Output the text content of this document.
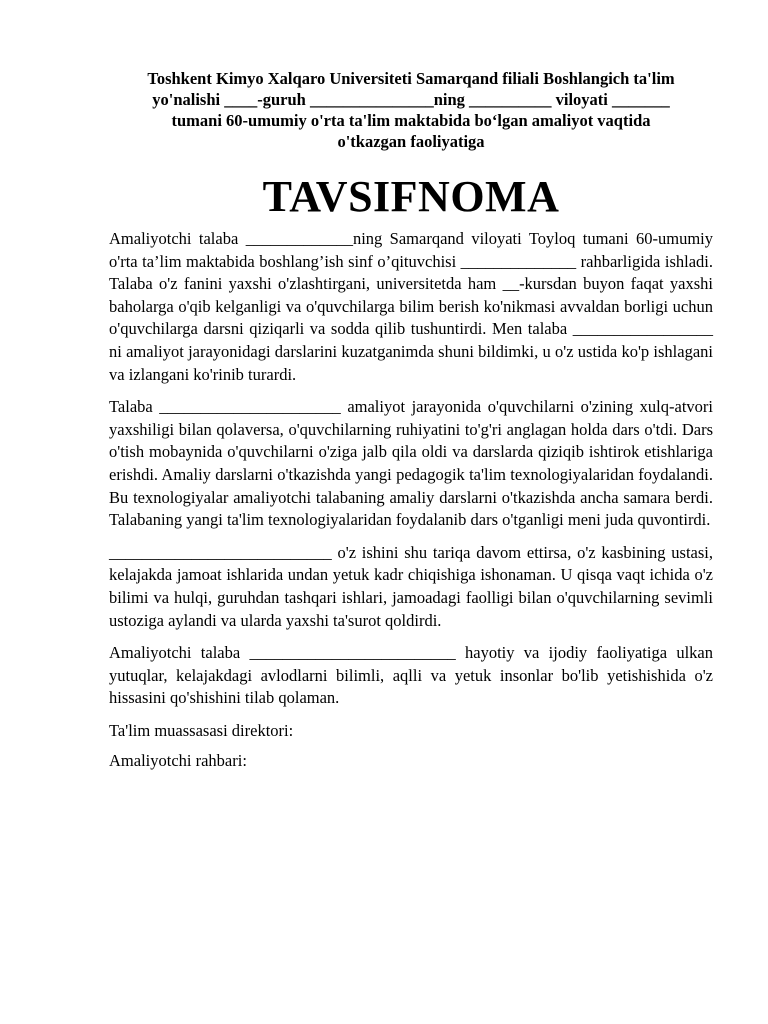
Toshkent Kimyo Xalqaro Universiteti Samarqand filiali Boshlangich ta'lim

yo'nalishi ____-guruh _______________ning __________ viloyati _______

tumani 60-umumiy o'rta ta'lim maktabida bo‘lgan amaliyot vaqtida

o'tkazgan faoliyatiga

TAVSIFNOMA

Amaliyotchi talaba _____________ning Samarqand viloyati Toyloq tumani 60-umumiy o'rta ta’lim maktabida boshlang’ish sinf o’qituvchisi ______________ rahbarligida ishladi. Talaba o'z fanini yaxshi o'zlashtirgani, universitetda ham __-kursdan buyon faqat yaxshi baholarga o'qib kelganligi va o'quvchilarga bilim berish ko'nikmasi avvaldan borligi uchun o'quvchilarga darsni qiziqarli va sodda qilib tushuntirdi. Men talaba _________________ ni amaliyot jarayonidagi darslarini kuzatganimda shuni bildimki, u o'z ustida ko'p ishlagani va izlangani ko'rinib turardi.

Talaba ______________________ amaliyot jarayonida o'quvchilarni o'zining xulq-atvori yaxshiligi bilan qolaversa, o'quvchilarning ruhiyatini to'g'ri anglagan holda dars o'tdi. Dars o'tish mobaynida o'quvchilarni o'ziga jalb qila oldi va darslarda qiziqib ishtirok etishlariga erishdi. Amaliy darslarni o'tkazishda yangi pedagogik ta'lim texnologiyalaridan foydalandi. Bu texnologiyalar amaliyotchi talabaning amaliy darslarni o'tkazishda ancha samara berdi. Talabaning yangi ta'lim texnologiyalaridan foydalanib dars o'tganligi meni juda quvontirdi.

___________________________ o'z ishini shu tariqa davom ettirsa, o'z kasbining ustasi, kelajakda jamoat ishlarida undan yetuk kadr chiqishiga ishonaman. U qisqa vaqt ichida o'z bilimi va hulqi, guruhdan tashqari ishlari, jamoadagi faolligi bilan o'quvchilarning sevimli ustoziga aylandi va ularda yaxshi ta'surot qoldirdi.

Amaliyotchi talaba _________________________ hayotiy va ijodiy faoliyatiga ulkan yutuqlar, kelajakdagi avlodlarni bilimli, aqlli va yetuk insonlar bo'lib yetishishida o'z hissasini qo'shishini tilab qolaman.

Ta'lim muassasasi direktori:

Amaliyotchi rahbari:
